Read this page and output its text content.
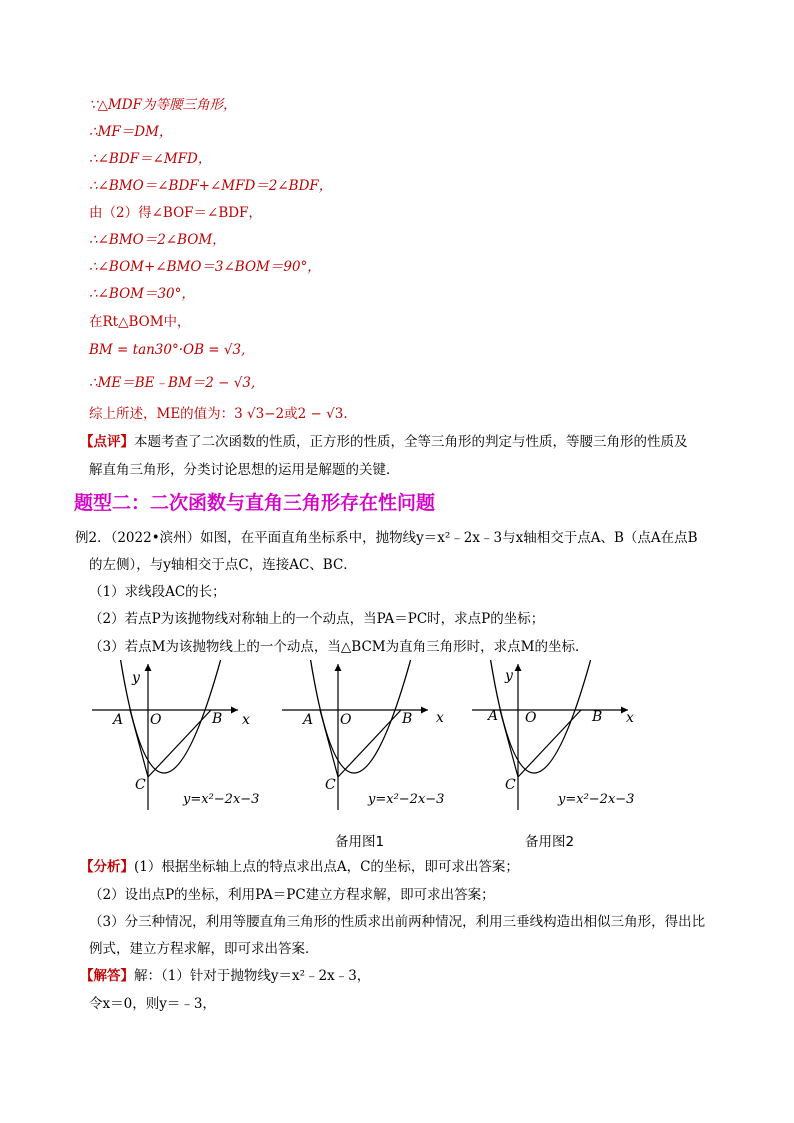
∵△MDF为等腰三角形，
∴MF＝DM，
∴∠BDF＝∠MFD，
∴∠BMO＝∠BDF+∠MFD＝2∠BDF，
由（2）得∠BOF＝∠BDF，
∴∠BMO＝2∠BOM，
∴∠BOM+∠BMO＝3∠BOM＝90°，
∴∠BOM＝30°，
在Rt△BOM中，
BM = tan30°·OB = √3,
∴ME＝BE﹣BM＝2 − √3,
综上所述，ME的值为：3 √3−2或2 − √3.
【点评】本题考查了二次函数的性质，正方形的性质，全等三角形的判定与性质，等腰三角形的性质及
解直角三角形，分类讨论思想的运用是解题的关键．
题型二：二次函数与直角三角形存在性问题
例2．（2022•滨州）如图，在平面直角坐标系中，抛物线y＝x²﹣2x﹣3与x轴相交于点A、B（点A在点B
的左侧），与y轴相交于点C，连接AC、BC．
（1）求线段AC的长；
（2）若点P为该抛物线对称轴上的一个动点，当PA＝PC时，求点P的坐标；
（3）若点M为该抛物线上的一个动点，当△BCM为直角三角形时，求点M的坐标．
y
x
A O	B
C
y=x²−2x−3
A O	B x
C
y=x²−2x−3
A O	B
y
x
C
y=x²−2x−3
备用图1	备用图2
【分析】(1）根据坐标轴上点的特点求出点A，C的坐标，即可求出答案；
（2）设出点P的坐标，利用PA＝PC建立方程求解，即可求出答案；
（3）分三种情况，利用等腰直角三角形的性质求出前两种情况，利用三垂线构造出相似三角形，得出比
例式，建立方程求解，即可求出答案．
【解答】解：（1）针对于抛物线y＝x²﹣2x﹣3，
令x＝0，则y＝﹣3，
